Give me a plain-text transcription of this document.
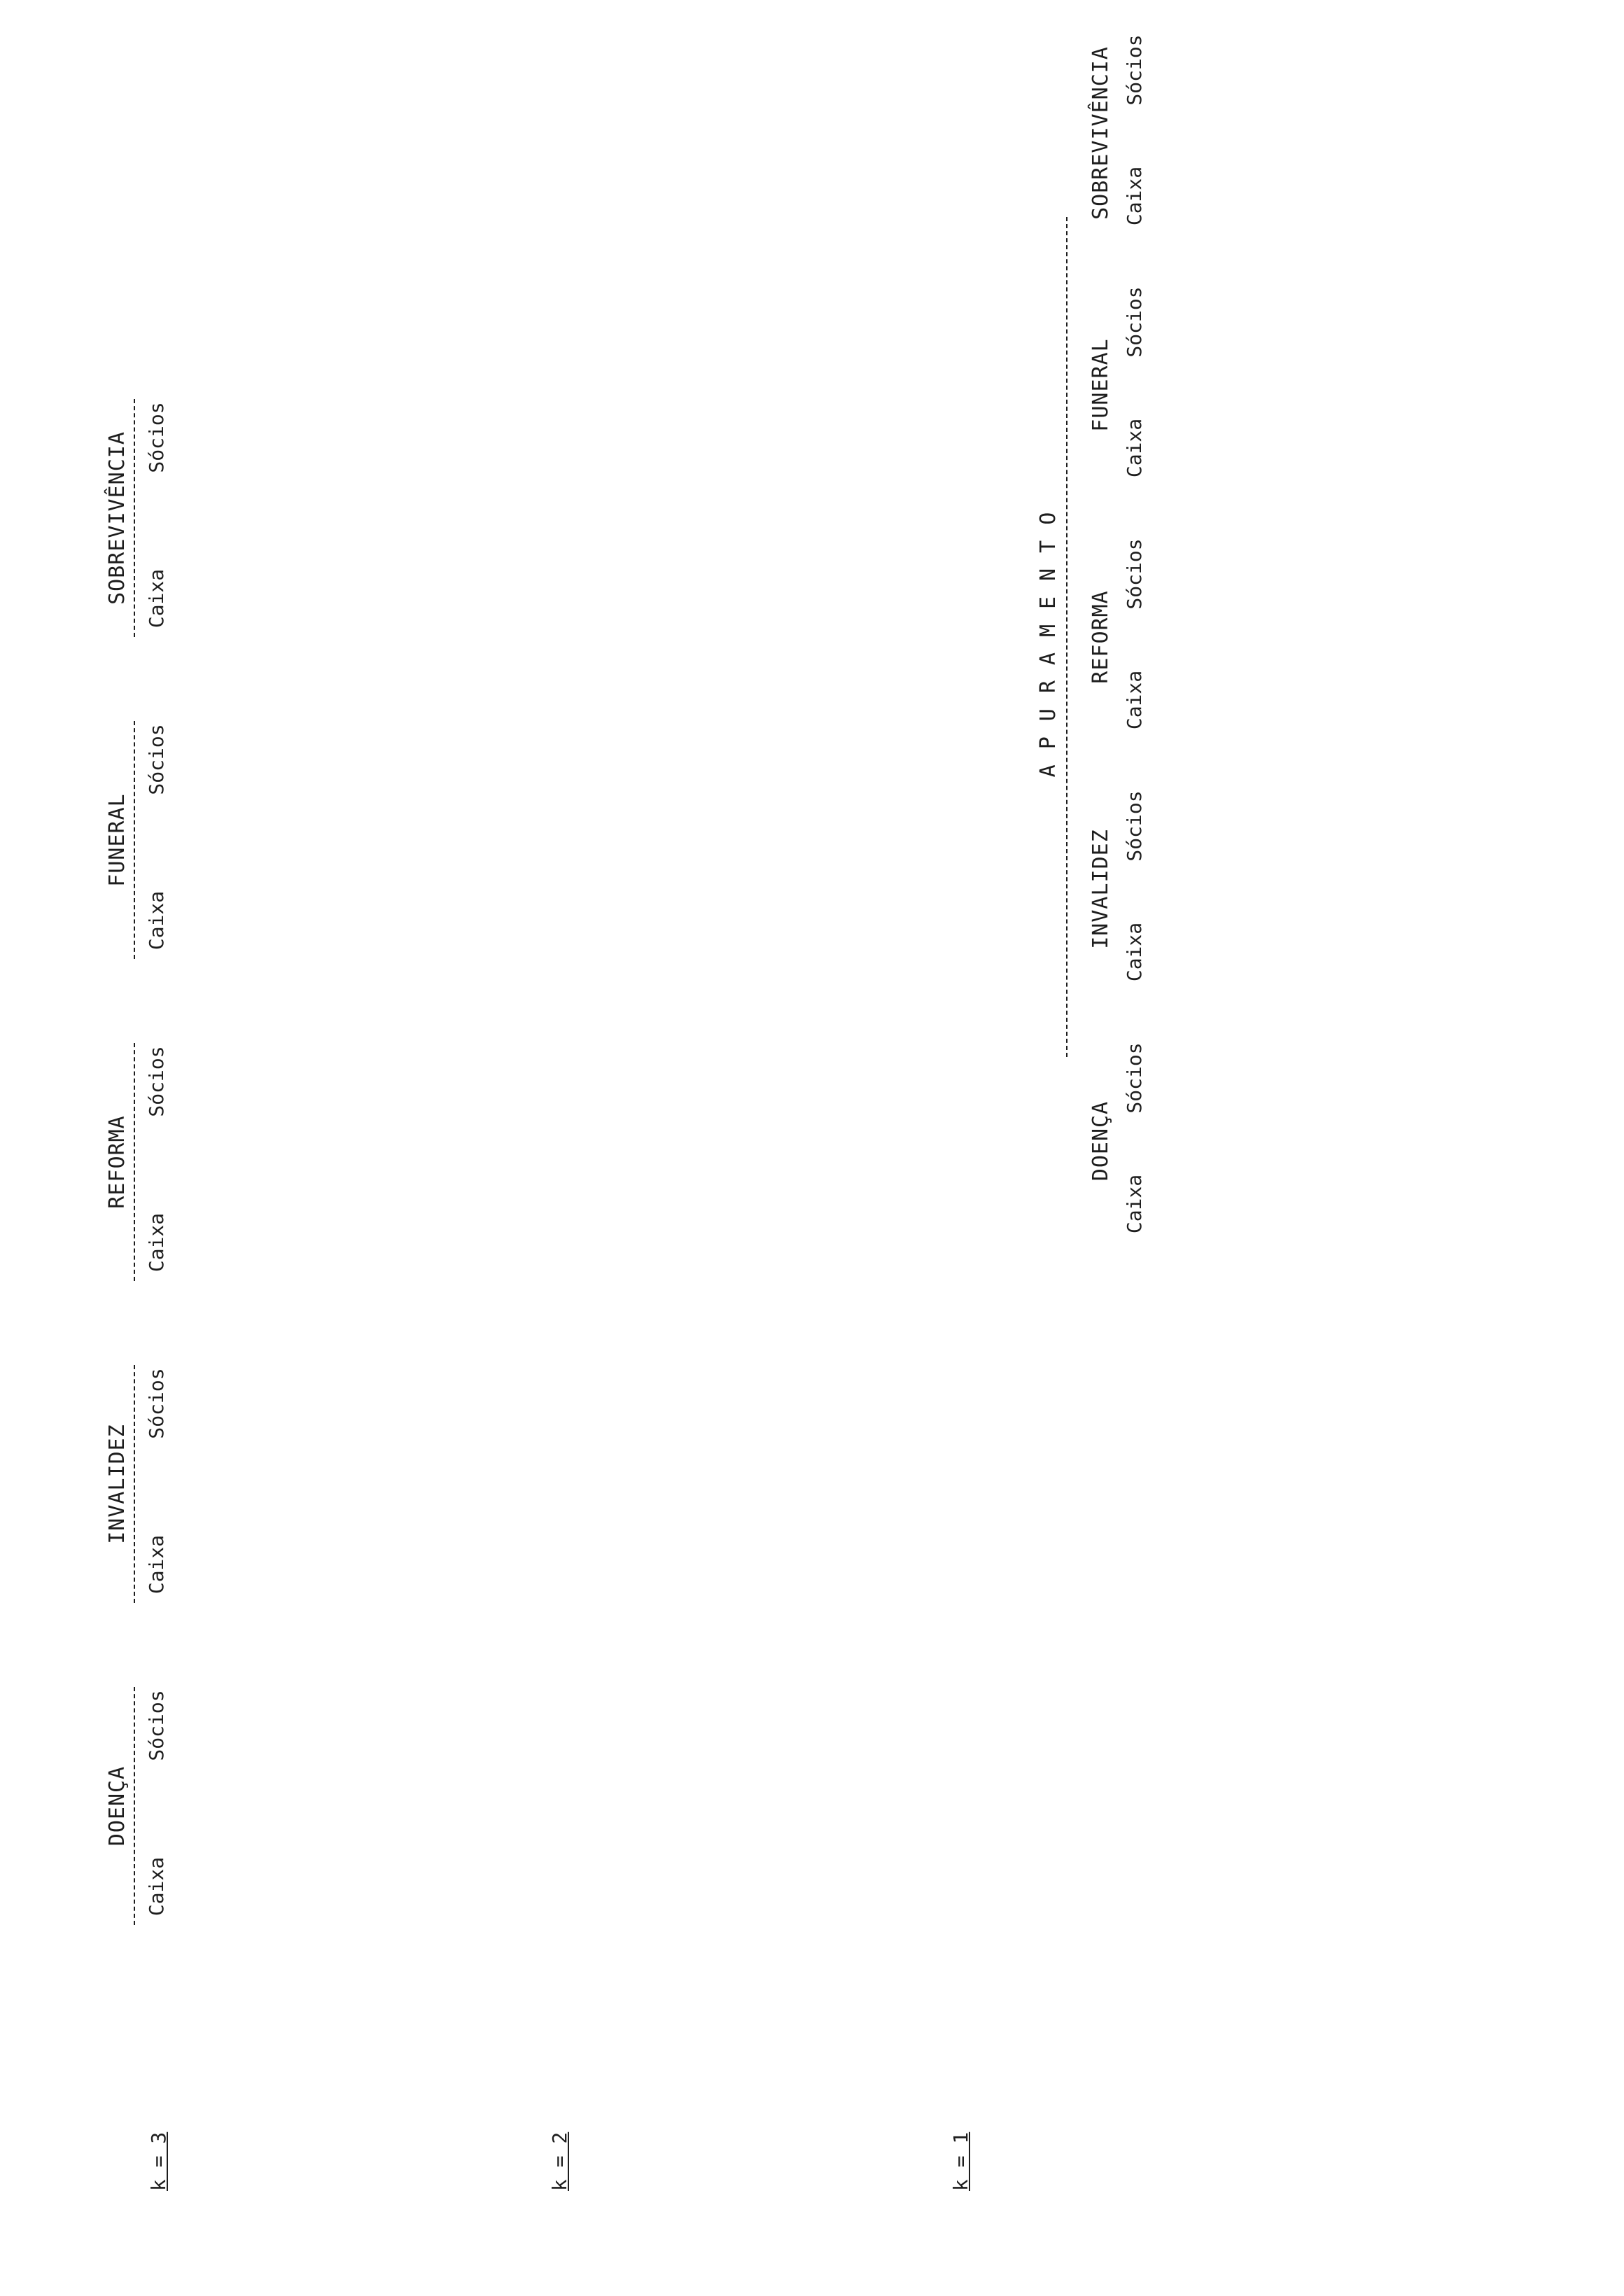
k = 3	k = 2	k = 1
DOENÇA
INVALIDEZ
REFORMA
FUNERAL
SOBREVIVÊNCIA
Caixa
Sócios
Caixa
Sócios
Caixa
Sócios
Caixa
Sócios
Caixa
Sócios
APURAMENTO
DOENÇA
INVALIDEZ
REFORMA
FUNERAL
SOBREVIVÊNCIA
Caixa
Sócios
Caixa
Sócios
Caixa
Sócios
Caixa
Sócios
Caixa
Sócios
